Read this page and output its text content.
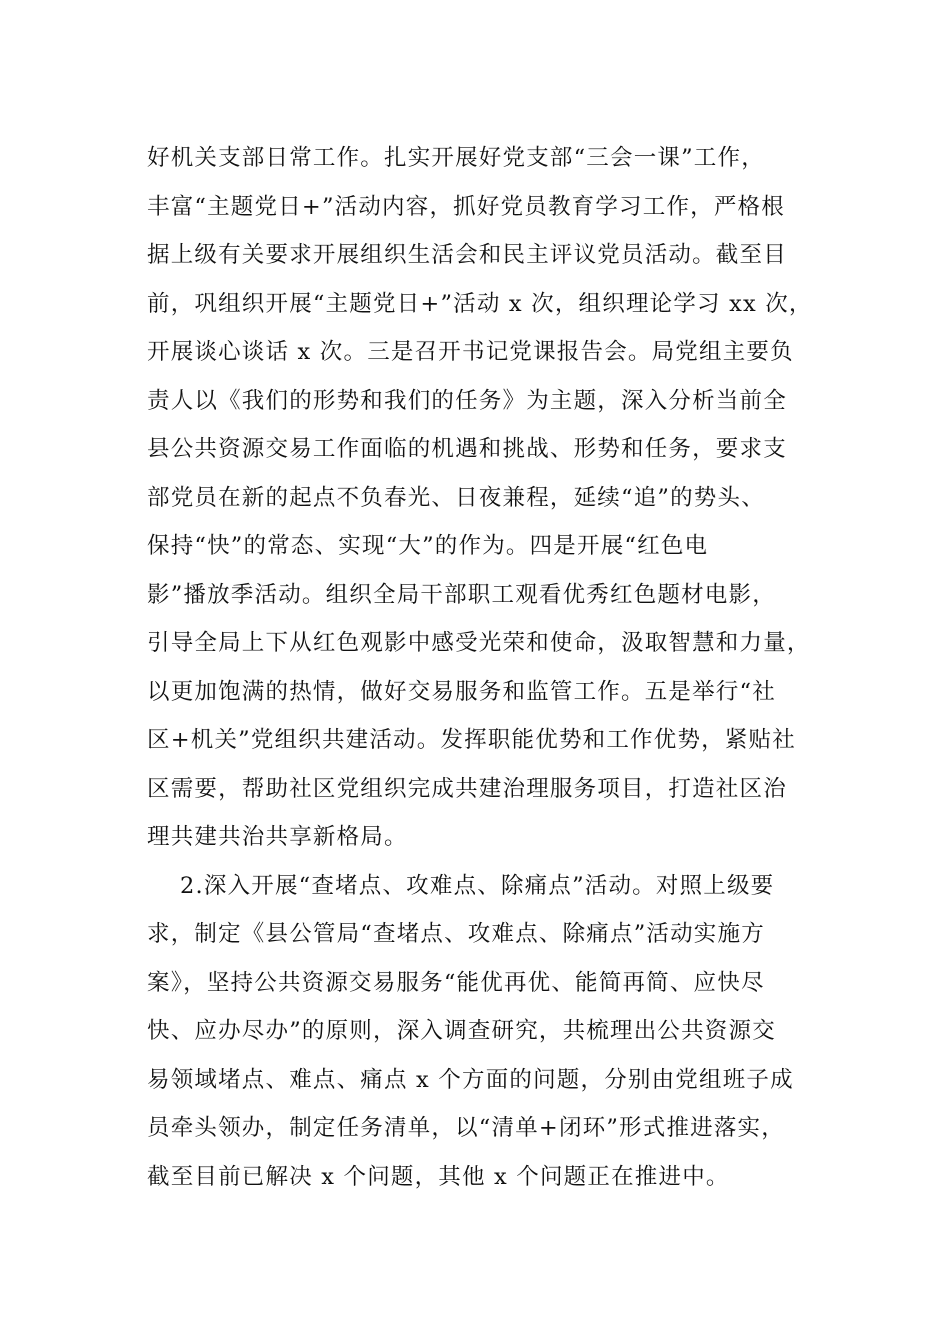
好机关支部日常工作。扎实开展好党支部“三会一课”工作，
丰富“主题党日+”活动内容，抓好党员教育学习工作，严格根
据上级有关要求开展组织生活会和民主评议党员活动。截至目
前，巩组织开展“主题党日+”活动 x 次，组织理论学习 xx 次，
开展谈心谈话 x 次。三是召开书记党课报告会。局党组主要负
责人以《我们的形势和我们的任务》为主题，深入分析当前全
县公共资源交易工作面临的机遇和挑战、形势和任务，要求支
部党员在新的起点不负春光、日夜兼程，延续“追”的势头、
保持“快”的常态、实现“大”的作为。四是开展“红色电
影”播放季活动。组织全局干部职工观看优秀红色题材电影，
引导全局上下从红色观影中感受光荣和使命，汲取智慧和力量，
以更加饱满的热情，做好交易服务和监管工作。五是举行“社
区+机关”党组织共建活动。发挥职能优势和工作优势，紧贴社
区需要，帮助社区党组织完成共建治理服务项目，打造社区治
理共建共治共享新格局。
2.深入开展“查堵点、攻难点、除痛点”活动。对照上级要
求，制定《县公管局“查堵点、攻难点、除痛点”活动实施方
案》，坚持公共资源交易服务“能优再优、能简再简、应快尽
快、应办尽办”的原则，深入调查研究，共梳理出公共资源交
易领域堵点、难点、痛点 x 个方面的问题，分别由党组班子成
员牵头领办，制定任务清单，以“清单+闭环”形式推进落实，
截至目前已解决 x 个问题，其他 x 个问题正在推进中。
